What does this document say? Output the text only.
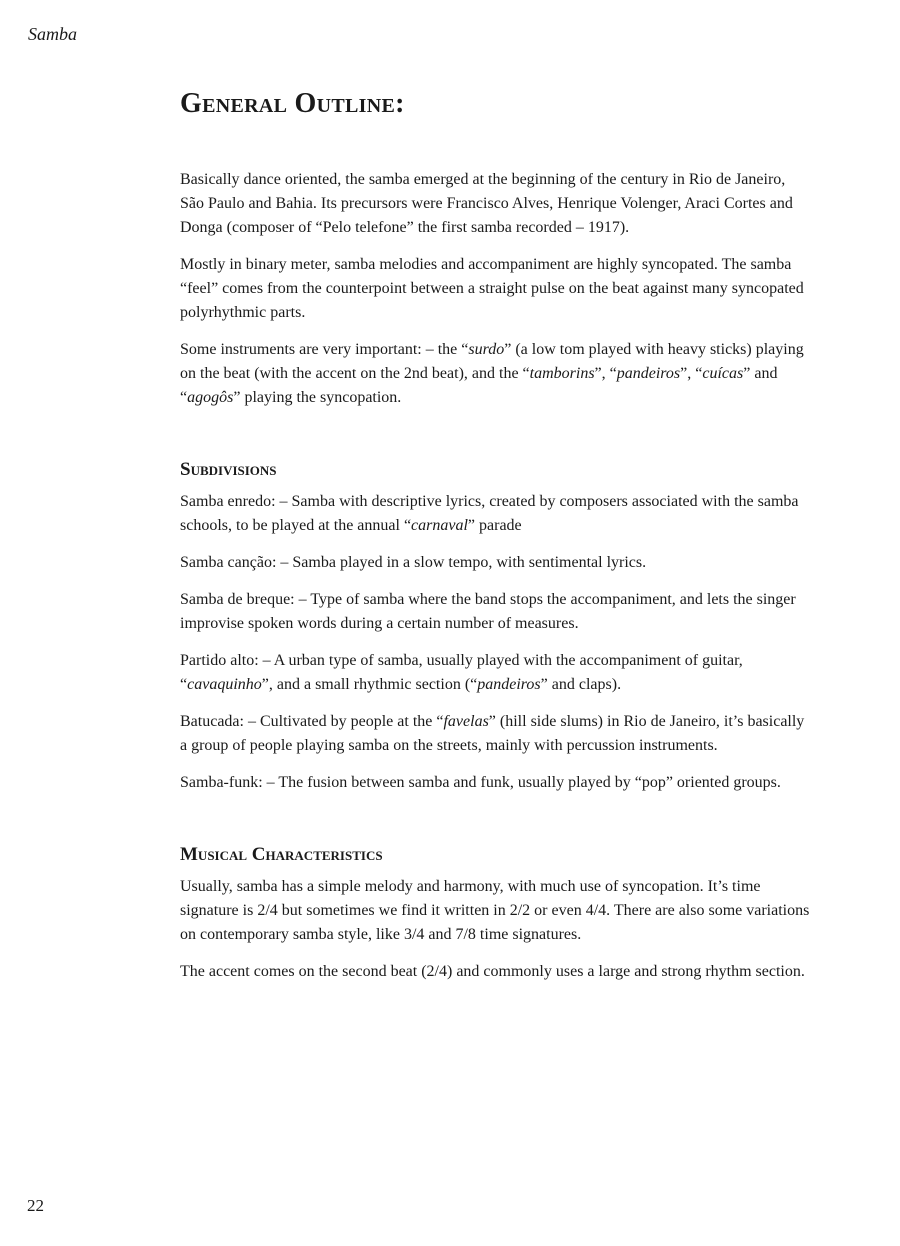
Samba
General Outline:

Basically dance oriented, the samba emerged at the beginning of the century in Rio de Janeiro, São Paulo and Bahia. Its precursors were Francisco Alves, Henrique Volenger, Araci Cortes and Donga (composer of “Pelo telefone” the first samba recorded – 1917).

Mostly in binary meter, samba melodies and accompaniment are highly syncopated. The samba “feel” comes from the counterpoint between a straight pulse on the beat against many syncopated polyrhythmic parts.

Some instruments are very important: – the “surdo” (a low tom played with heavy sticks) playing on the beat (with the accent on the 2nd beat), and the “tamborins”, “pandeiros”, “cuícas” and “agogôs” playing the syncopation.

Subdivisions

Samba enredo: – Samba with descriptive lyrics, created by composers associated with the samba schools, to be played at the annual “carnaval” parade

Samba canção: – Samba played in a slow tempo, with sentimental lyrics.

Samba de breque: – Type of samba where the band stops the accompaniment, and lets the singer improvise spoken words during a certain number of measures.

Partido alto: – A urban type of samba, usually played with the accompaniment of guitar, “cavaquinho”, and a small rhythmic section (“pandeiros” and claps).

Batucada: – Cultivated by people at the “favelas” (hill side slums) in Rio de Janeiro, it’s basically a group of people playing samba on the streets, mainly with percussion instruments.

Samba-funk: – The fusion between samba and funk, usually played by “pop” oriented groups.

Musical Characteristics

Usually, samba has a simple melody and harmony, with much use of syncopation. It’s time signature is 2/4 but sometimes we find it written in 2/2 or even 4/4. There are also some variations on contemporary samba style, like 3/4 and 7/8 time signatures.

The accent comes on the second beat (2/4) and commonly uses a large and strong rhythm section.

22
